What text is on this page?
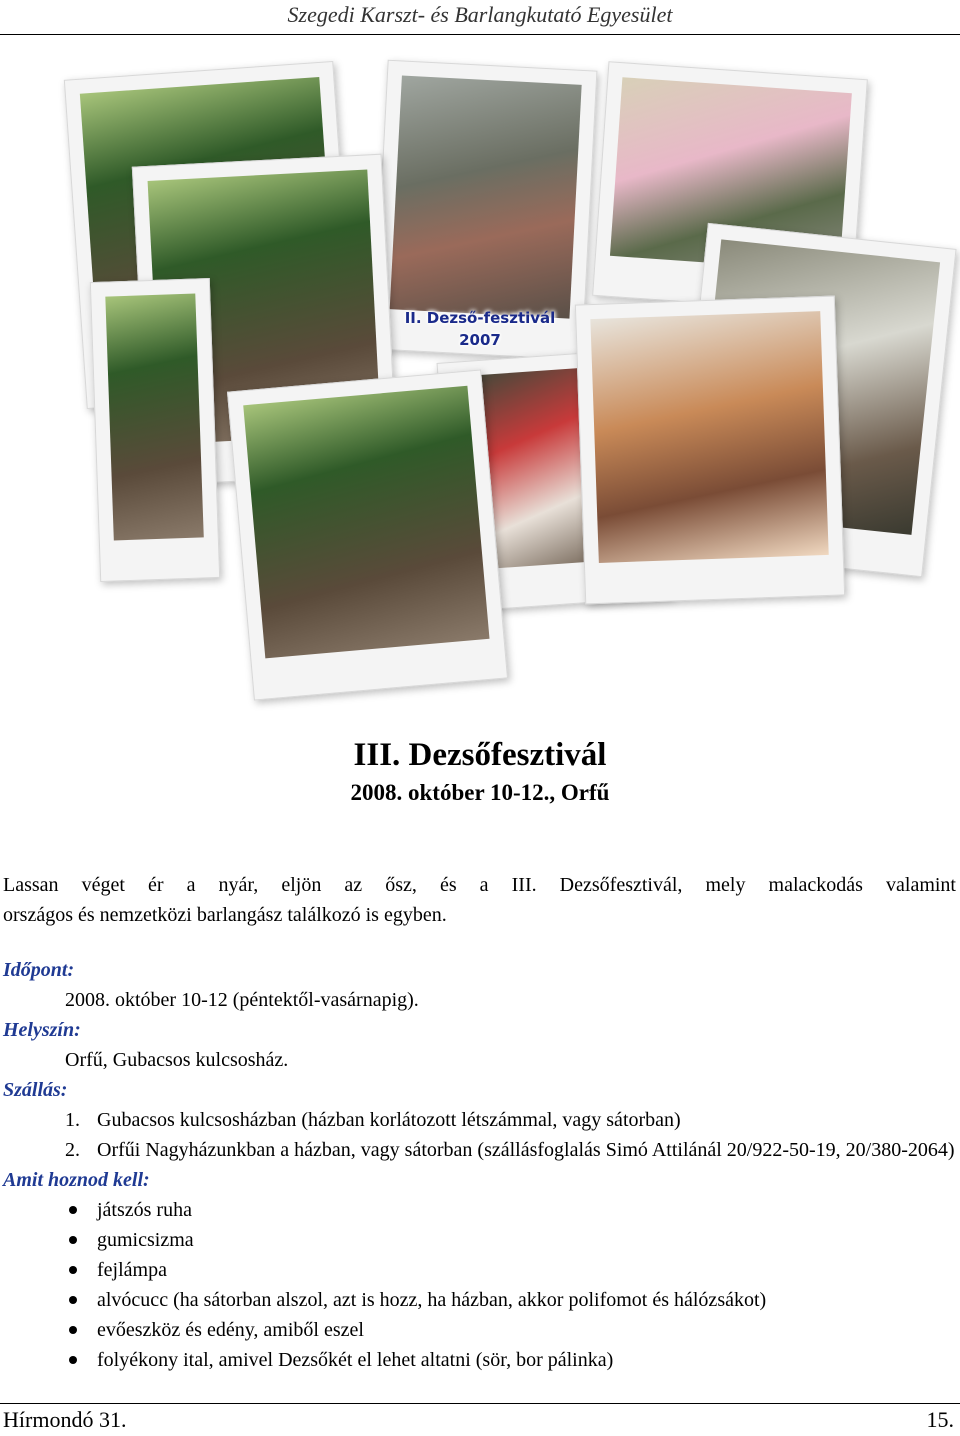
Szegedi Karszt- és Barlangkutató Egyesület
II. Dezső-fesztivál
2007
III. Dezsőfesztivál
2008. október 10-12., Orfű
Lassan véget ér a nyár, eljön az ősz, és a III. Dezsőfesztivál, mely malackodás valamint
országos és nemzetközi barlangász találkozó is egyben.
Időpont:
2008. október 10-12 (péntektől-vasárnapig).
Helyszín:
Orfű, Gubacsos kulcsosház.
Szállás:
1. Gubacsos kulcsosházban (házban korlátozott létszámmal, vagy sátorban)
2. Orfűi Nagyházunkban a házban, vagy sátorban (szállásfoglalás Simó Attilánál 20/922-50-19, 20/380-2064)
Amit hoznod kell:
játszós ruha
gumicsizma
fejlámpa
alvócucc (ha sátorban alszol, azt is hozz, ha házban, akkor polifomot és hálózsákot)
evőeszköz és edény, amiből eszel
folyékony ital, amivel Dezsőkét el lehet altatni (sör, bor pálinka)
Hírmondó 31.	15.
